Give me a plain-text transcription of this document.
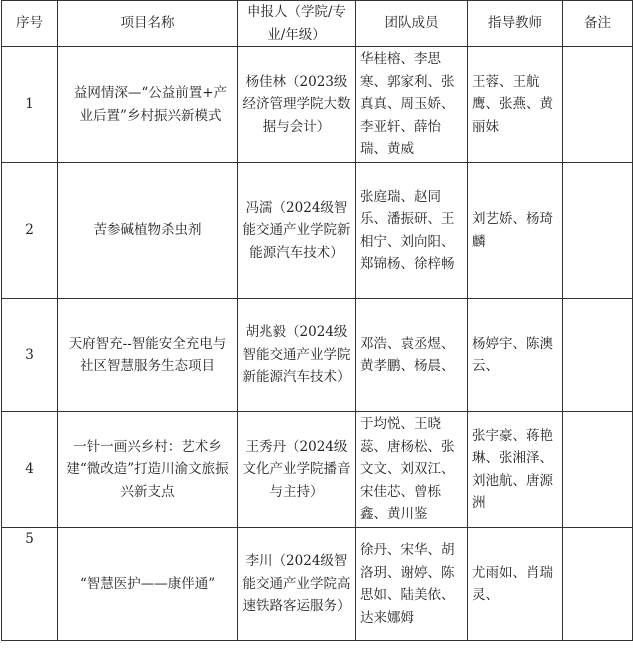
序号	项目名称	申报人（学院/专业/年级）	团队成员	指导教师	备注
1	益网情深—“公益前置+产业后置”乡村振兴新模式	杨佳林（2023级经济管理学院大数据与会计）	华桂榕、李思寒、郭家利、张真真、周玉娇、李亚轩、薛怡瑞、黄威	王蓉、王航鹰、张燕、黄丽妹	
2	苦参碱植物杀虫剂	冯濡（2024级智能交通产业学院新能源汽车技术）	张庭瑞、赵同乐、潘振研、王相宁、刘向阳、郑锦杨、徐梓畅	刘艺娇、杨琦麟	
3	天府智充--智能安全充电与社区智慧服务生态项目	胡兆毅（2024级智能交通产业学院新能源汽车技术）	邓浩、袁丞煜、黄孝鹏、杨晨、	杨婷宇、陈澳云、	
4	一针一画兴乡村：艺术乡建“微改造”打造川渝文旅振兴新支点	王秀丹（2024级文化产业学院播音与主持）	于均悦、王晓蕊、唐杨松、张文文、刘双江、宋佳芯、曾栎鑫、黄川鉴	张宇豪、蒋艳琳、张湘泽、刘池航、唐源洲	
5	“智慧医护——康伴通”	李川（2024级智能交通产业学院高速铁路客运服务）	徐丹、宋华、胡洛玥、谢婷、陈思如、陆美依、达来娜姆	尤雨如、肖瑞灵、	
